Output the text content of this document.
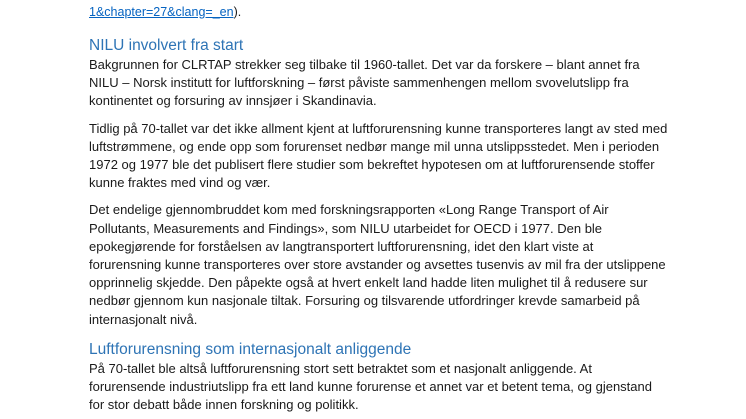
1&chapter=27&clang=_en).
NILU involvert fra start

Bakgrunnen for CLRTAP strekker seg tilbake til 1960-tallet. Det var da forskere – blant annet fra NILU – Norsk institutt for luftforskning – først påviste sammenhengen mellom svovelutslipp fra kontinentet og forsuring av innsjøer i Skandinavia.

Tidlig på 70-tallet var det ikke allment kjent at luftforurensning kunne transporteres langt av sted med luftstrømmene, og ende opp som forurenset nedbør mange mil unna utslippsstedet. Men i perioden 1972 og 1977 ble det publisert flere studier som bekreftet hypotesen om at luftforurensende stoffer kunne fraktes med vind og vær.

Det endelige gjennombruddet kom med forskningsrapporten «Long Range Transport of Air Pollutants, Measurements and Findings», som NILU utarbeidet for OECD i 1977. Den ble epokegjørende for forståelsen av langtransportert luftforurensning, idet den klart viste at forurensning kunne transporteres over store avstander og avsettes tusenvis av mil fra der utslippene opprinnelig skjedde. Den påpekte også at hvert enkelt land hadde liten mulighet til å redusere sur nedbør gjennom kun nasjonale tiltak. Forsuring og tilsvarende utfordringer krevde samarbeid på internasjonalt nivå.

Luftforurensning som internasjonalt anliggende

På 70-tallet ble altså luftforurensning stort sett betraktet som et nasjonalt anliggende. At forurensende industriutslipp fra ett land kunne forurense et annet var et betent tema, og gjenstand for stor debatt både innen forskning og politikk.
